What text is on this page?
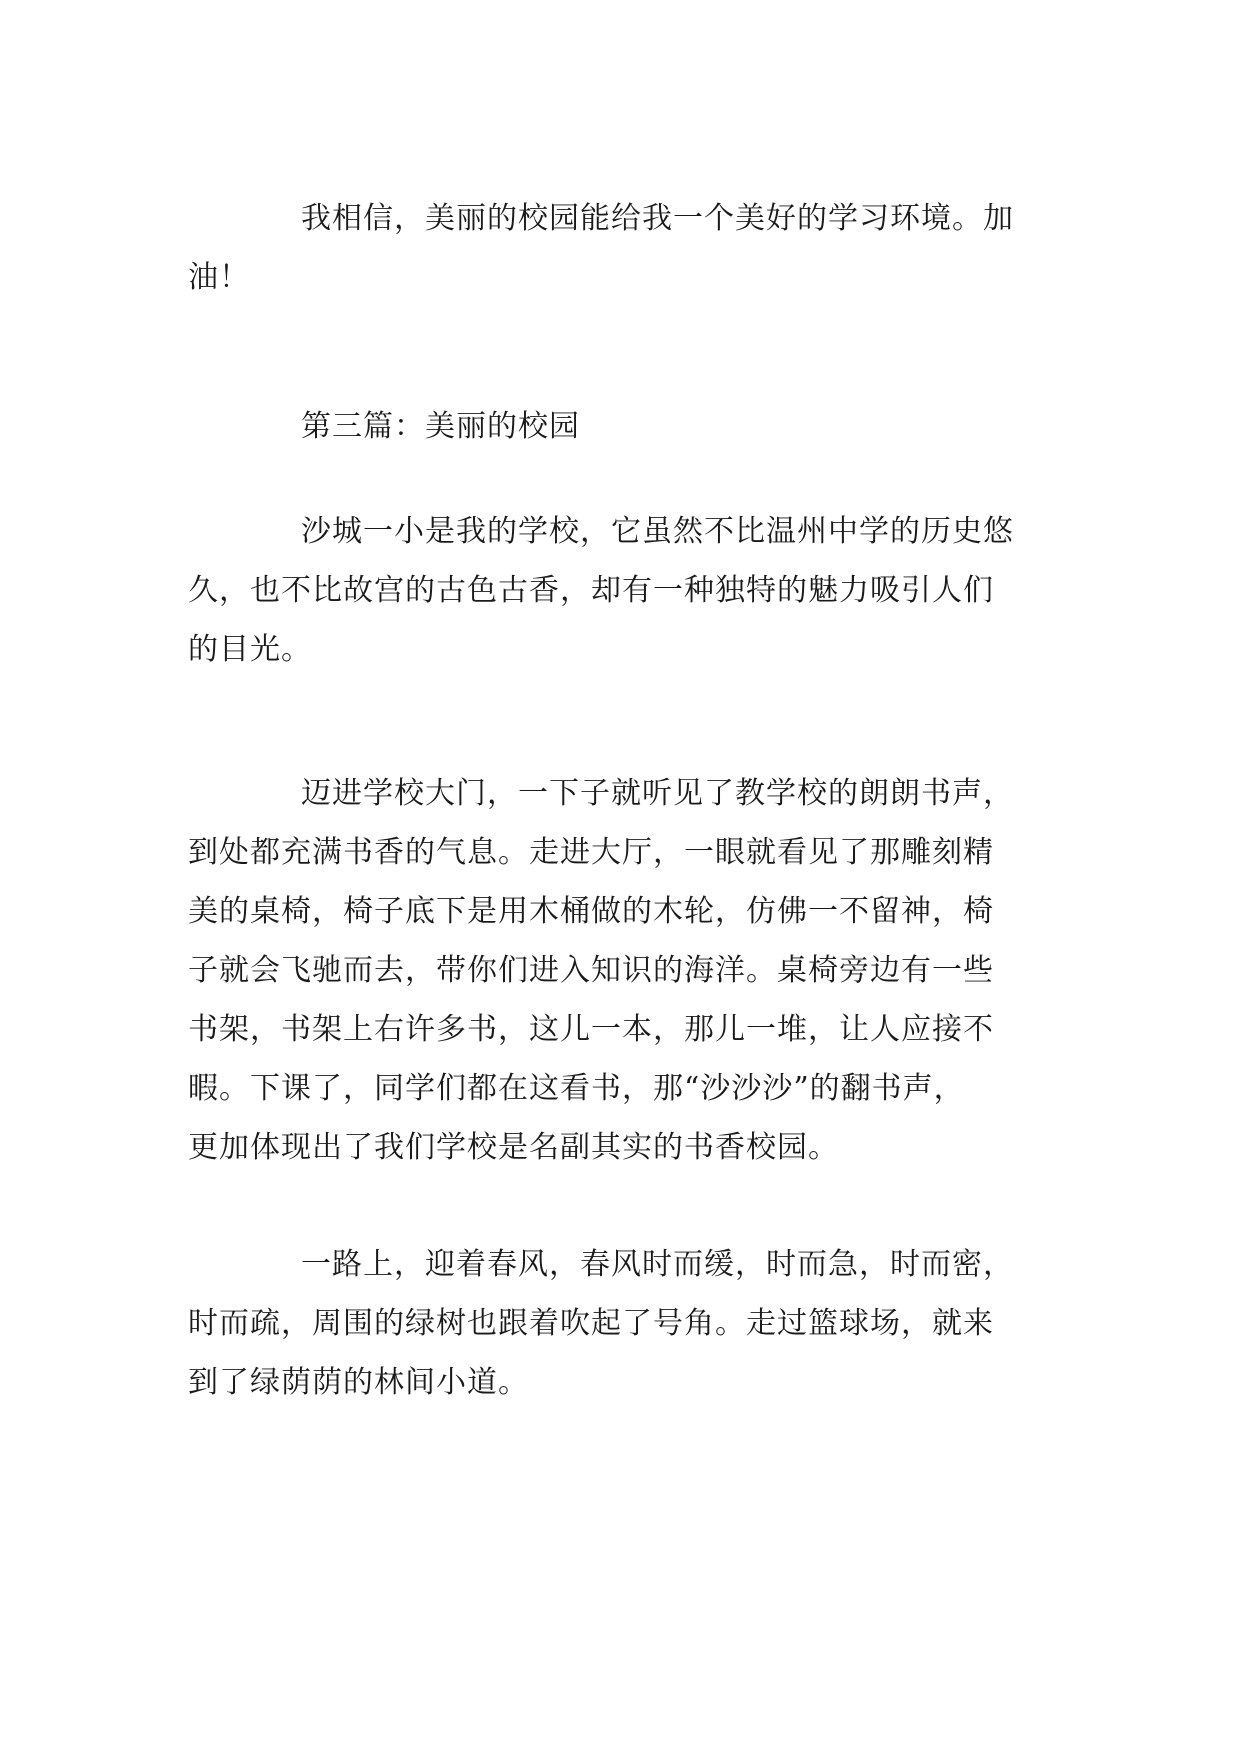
我相信，美丽的校园能给我一个美好的学习环境。加
油！

第三篇：美丽的校园

沙城一小是我的学校，它虽然不比温州中学的历史悠
久，也不比故宫的古色古香，却有一种独特的魅力吸引人们
的目光。

迈进学校大门，一下子就听见了教学校的朗朗书声，
到处都充满书香的气息。走进大厅，一眼就看见了那雕刻精
美的桌椅，椅子底下是用木桶做的木轮，仿佛一不留神，椅
子就会飞驰而去，带你们进入知识的海洋。桌椅旁边有一些
书架，书架上右许多书，这儿一本，那儿一堆，让人应接不
暇。下课了，同学们都在这看书，那“沙沙沙”的翻书声，
更加体现出了我们学校是名副其实的书香校园。

一路上，迎着春风，春风时而缓，时而急，时而密，
时而疏，周围的绿树也跟着吹起了号角。走过篮球场，就来
到了绿荫荫的林间小道。
